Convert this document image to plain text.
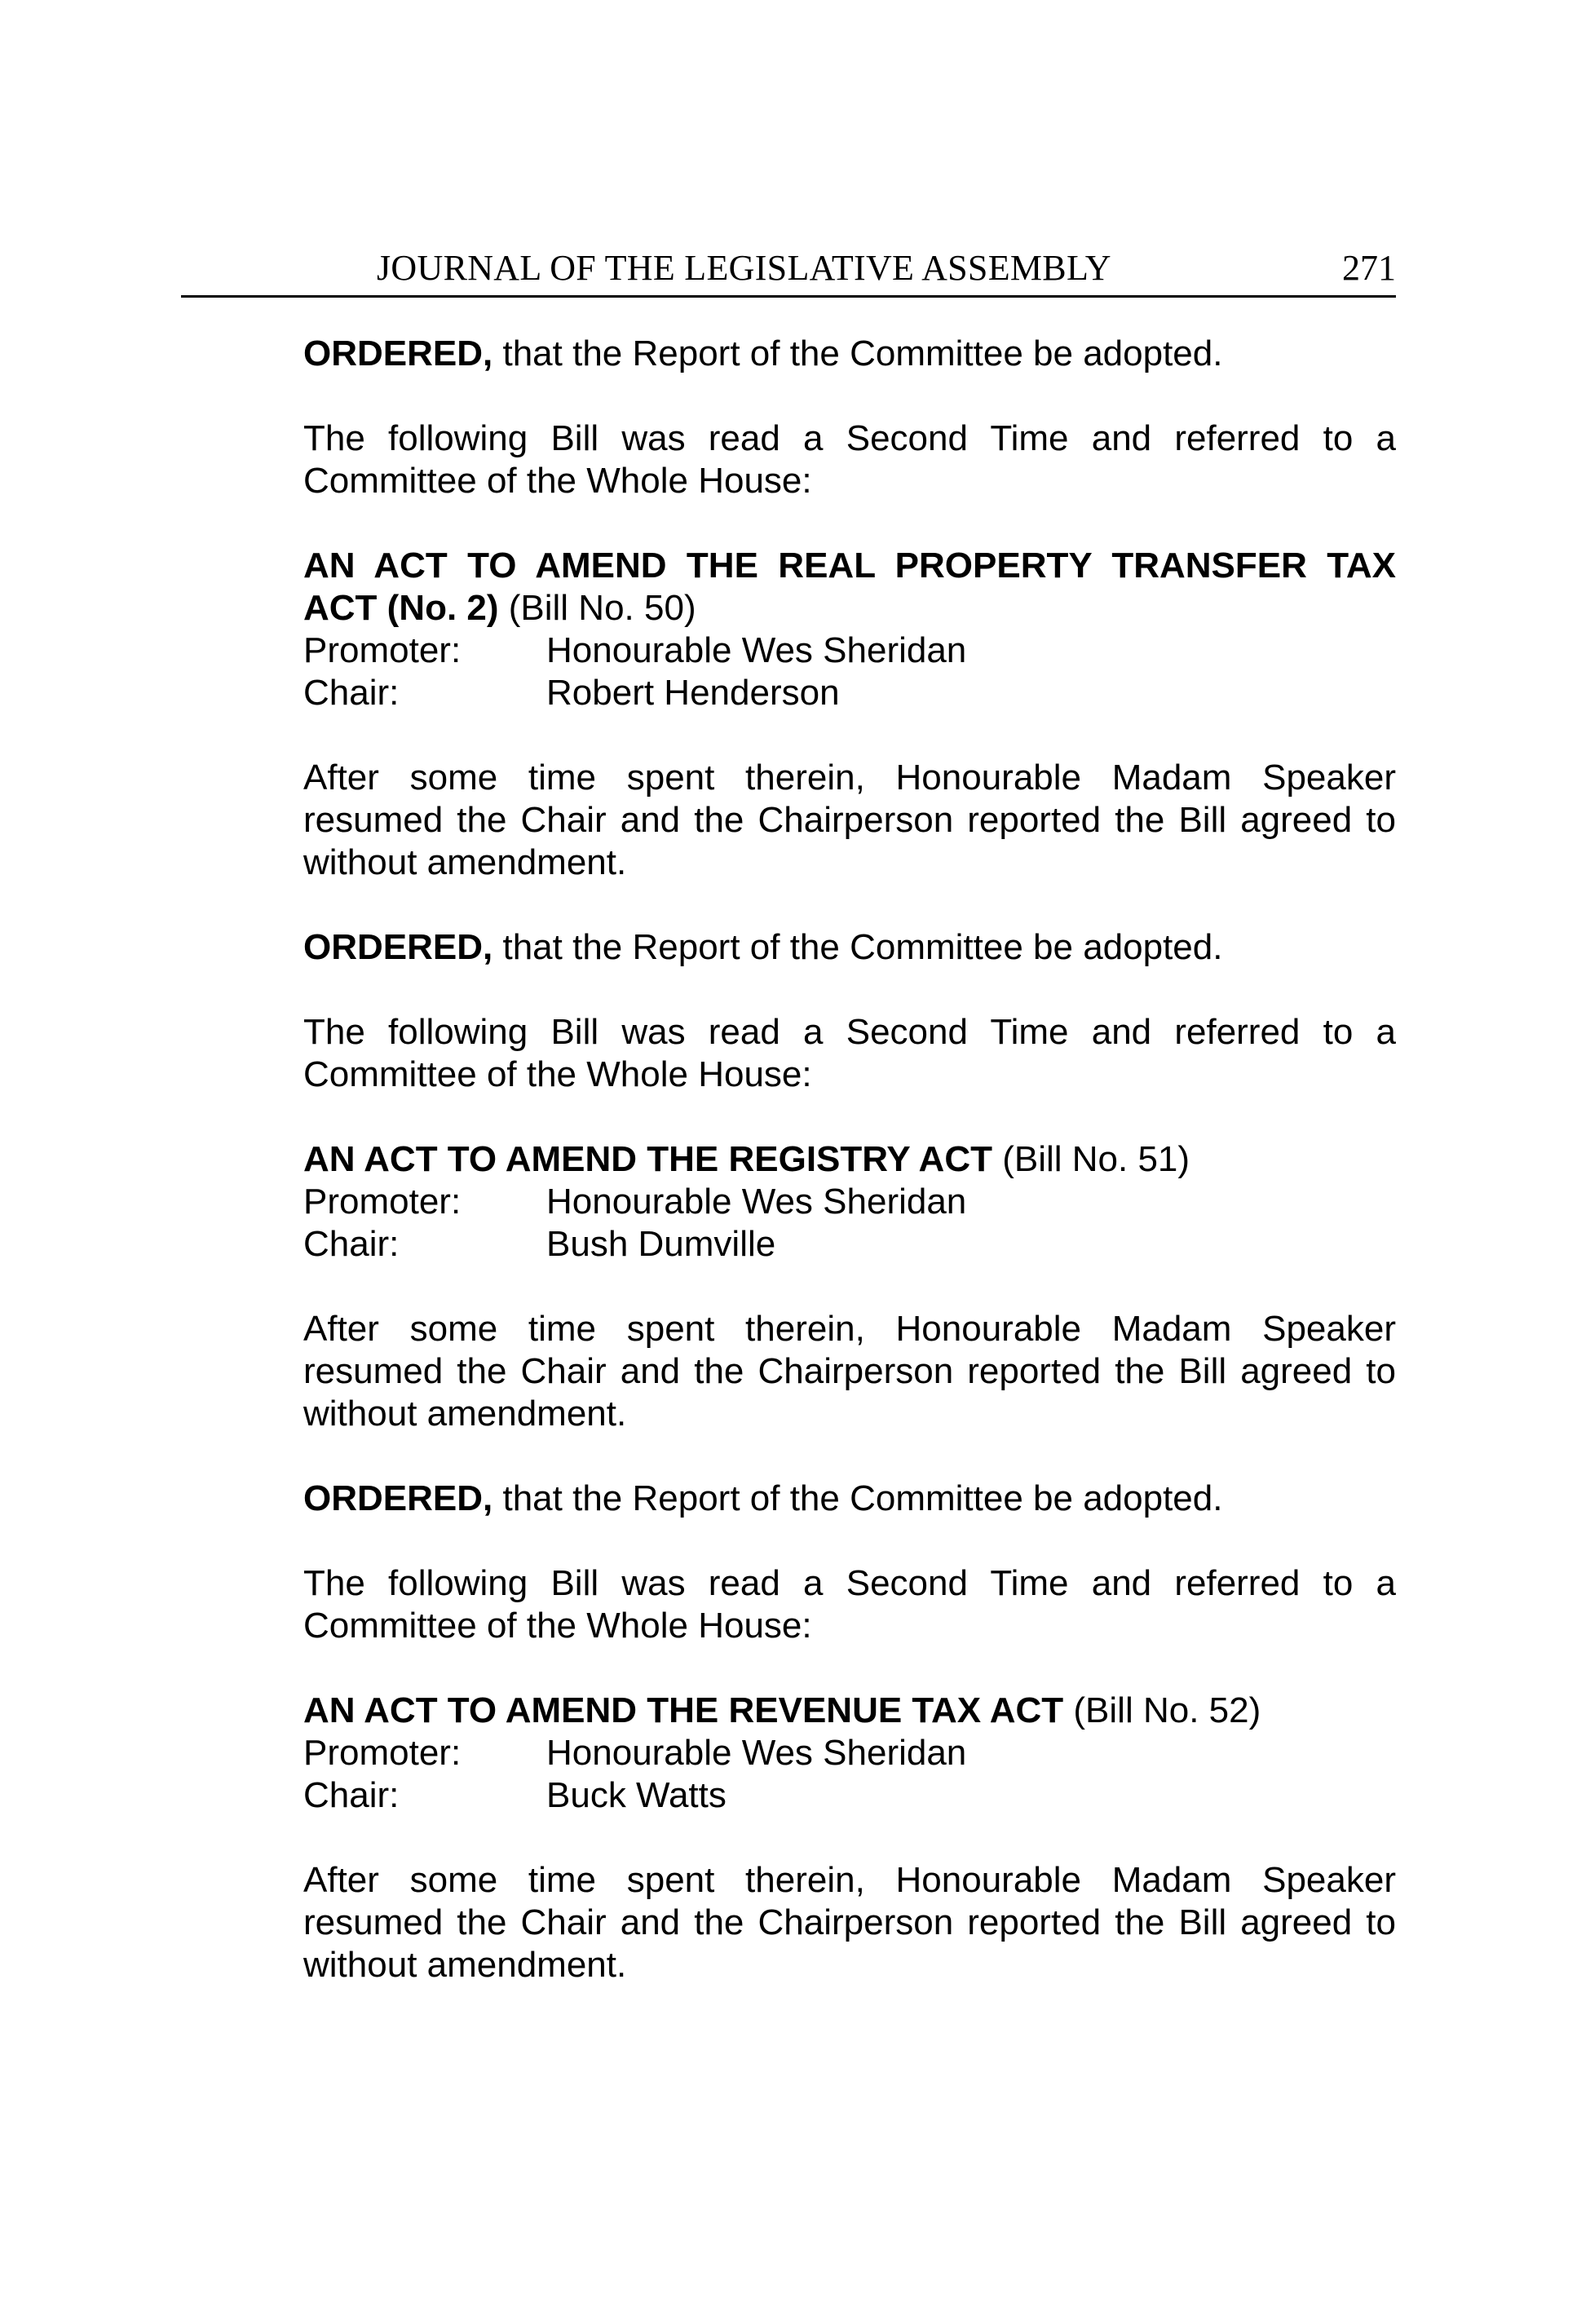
JOURNAL OF THE LEGISLATIVE ASSEMBLY	271

ORDERED, that the Report of the Committee be adopted.

The following Bill was read a Second Time and referred to a Committee of the Whole House:

AN ACT TO AMEND THE REAL PROPERTY TRANSFER TAX ACT (No. 2) (Bill No. 50)

Promoter:	Honourable Wes Sheridan
Chair:	Robert Henderson

After some time spent therein, Honourable Madam Speaker resumed the Chair and the Chairperson reported the Bill agreed to without amendment.

ORDERED, that the Report of the Committee be adopted.

The following Bill was read a Second Time and referred to a Committee of the Whole House:

AN ACT TO AMEND THE REGISTRY ACT (Bill No. 51)

Promoter:	Honourable Wes Sheridan
Chair:	Bush Dumville

After some time spent therein, Honourable Madam Speaker resumed the Chair and the Chairperson reported the Bill agreed to without amendment.

ORDERED, that the Report of the Committee be adopted.

The following Bill was read a Second Time and referred to a Committee of the Whole House:

AN ACT TO AMEND THE REVENUE TAX ACT (Bill No. 52)

Promoter:	Honourable Wes Sheridan
Chair:	Buck Watts

After some time spent therein, Honourable Madam Speaker resumed the Chair and the Chairperson reported the Bill agreed to without amendment.
